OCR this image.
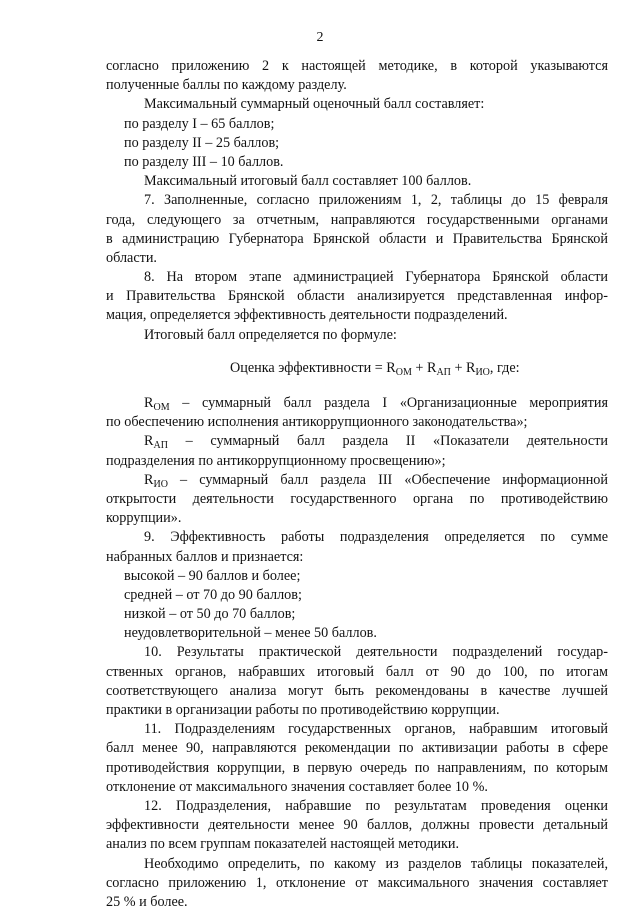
2
согласно приложению 2 к настоящей методике, в которой указываются
полученные баллы по каждому разделу.
Максимальный суммарный оценочный балл составляет:
по разделу I – 65 баллов;
по разделу II – 25 баллов;
по разделу III – 10 баллов.
Максимальный итоговый балл составляет 100 баллов.
7. Заполненные, согласно приложениям 1, 2, таблицы до 15 февраля
года, следующего за отчетным, направляются государственными органами
в администрацию Губернатора Брянской области и Правительства Брянской
области.
8. На втором этапе администрацией Губернатора Брянской области
и Правительства Брянской области анализируется представленная инфор-
мация, определяется эффективность деятельности подразделений.
Итоговый балл определяется по формуле:
Оценка эффективности = $R_{ОМ} + R_{АП} + R_{ИО}$, где:
$R_{ОМ}$ – суммарный балл раздела I «Организационные мероприятия
по обеспечению исполнения антикоррупционного законодательства»;
$R_{АП}$ – суммарный балл раздела II «Показатели деятельности
подразделения по антикоррупционному просвещению»;
$R_{ИО}$ – суммарный балл раздела III «Обеспечение информационной
открытости деятельности государственного органа по противодействию
коррупции».
9. Эффективность работы подразделения определяется по сумме
набранных баллов и признается:
высокой – 90 баллов и более;
средней – от 70 до 90 баллов;
низкой – от 50 до 70 баллов;
неудовлетворительной – менее 50 баллов.
10. Результаты практической деятельности подразделений государ-
ственных органов, набравших итоговый балл от 90 до 100, по итогам
соответствующего анализа могут быть рекомендованы в качестве лучшей
практики в организации работы по противодействию коррупции.
11. Подразделениям государственных органов, набравшим итоговый
балл менее 90, направляются рекомендации по активизации работы в сфере
противодействия коррупции, в первую очередь по направлениям, по которым
отклонение от максимального значения составляет более 10 %.
12. Подразделения, набравшие по результатам проведения оценки
эффективности деятельности менее 90 баллов, должны провести детальный
анализ по всем группам показателей настоящей методики.
Необходимо определить, по какому из разделов таблицы показателей,
согласно приложению 1, отклонение от максимального значения составляет
25 % и более.
